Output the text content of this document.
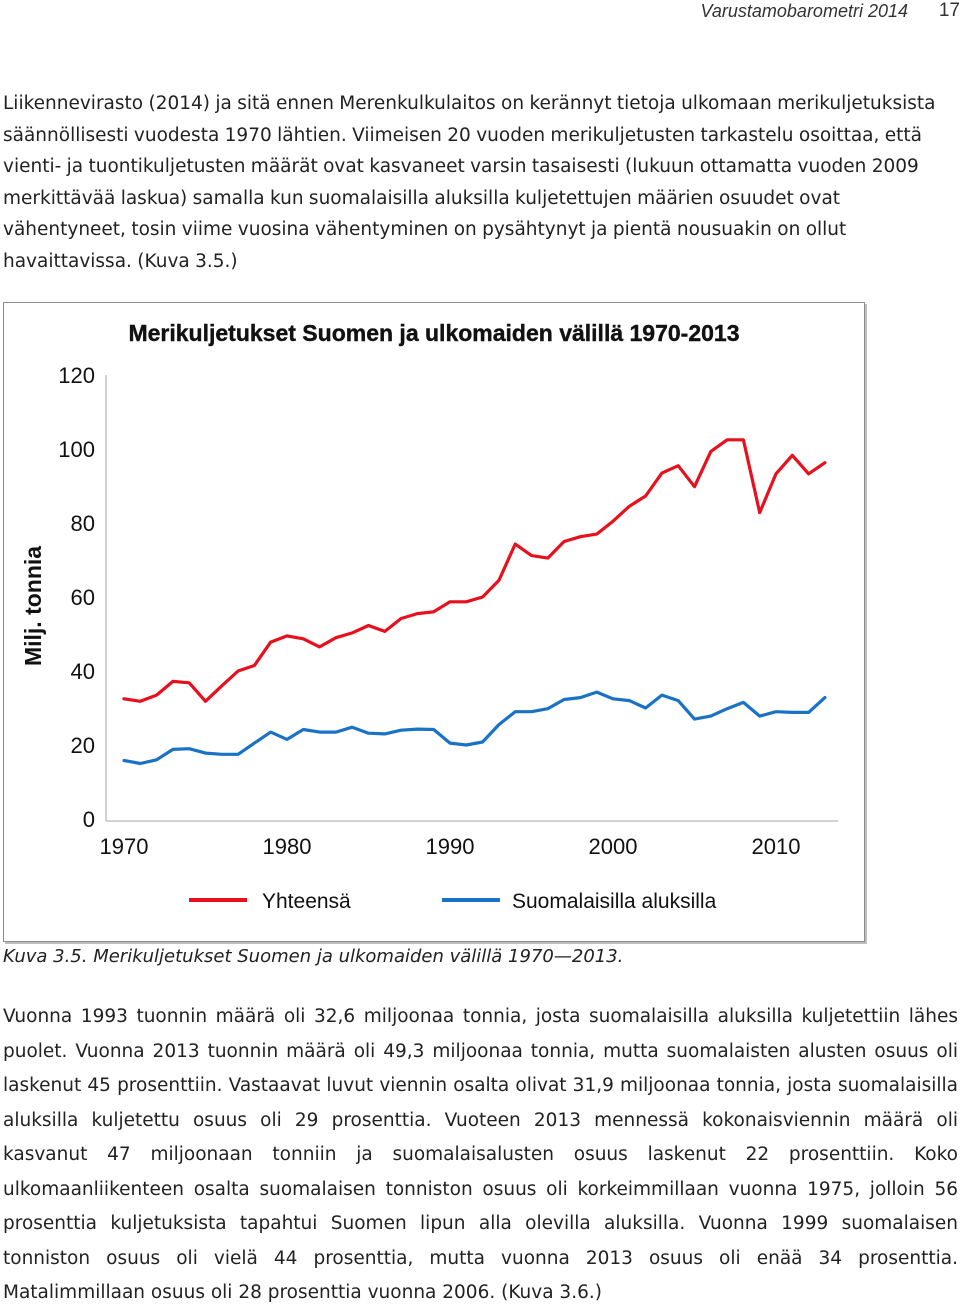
Varustamobarometri 2014 17

Liikennevirasto (2014) ja sitä ennen Merenkulkulaitos on kerännyt tietoja ulkomaan merikuljetuksista säännöllisesti vuodesta 1970 lähtien. Viimeisen 20 vuoden merikuljetusten tarkastelu osoittaa, että vienti- ja tuontikuljetusten määrät ovat kasvaneet varsin tasaisesti (lukuun ottamatta vuoden 2009 merkittävää laskua) samalla kun suomalaisilla aluksilla kuljetettujen määrien osuudet ovat vähentyneet, tosin viime vuosina vähentyminen on pysähtynyt ja pientä nousuakin on ollut havaittavissa. (Kuva 3.5.)

Merikuljetukset Suomen ja ulkomaiden välillä 1970-2013
Milj. tonnia
0
20
40
60
80
100
120
1970	1980	1990	2000	2010
Yhteensä	Suomalaisilla aluksilla
Kuva 3.5. Merikuljetukset Suomen ja ulkomaiden välillä 1970—2013.

Vuonna 1993 tuonnin määrä oli 32,6 miljoonaa tonnia, josta suomalaisilla aluksilla kuljetettiin lähes puolet. Vuonna 2013 tuonnin määrä oli 49,3 miljoonaa tonnia, mutta suomalaisten alusten osuus oli laskenut 45 prosenttiin. Vastaavat luvut viennin osalta olivat 31,9 miljoonaa tonnia, josta suomalaisilla aluksilla kuljetettu osuus oli 29 prosenttia. Vuoteen 2013 mennessä kokonaisviennin määrä oli kasvanut 47 miljoonaan tonniin ja suomalaisalusten osuus laskenut 22 prosenttiin. Koko ulkomaanliikenteen osalta suomalaisen tonniston osuus oli korkeimmillaan vuonna 1975, jolloin 56 prosenttia kuljetuksista tapahtui Suomen lipun alla olevilla aluksilla. Vuonna 1999 suomalaisen tonniston osuus oli vielä 44 prosenttia, mutta vuonna 2013 osuus oli enää 34 prosenttia. Matalimmillaan osuus oli 28 prosenttia vuonna 2006. (Kuva 3.6.)
